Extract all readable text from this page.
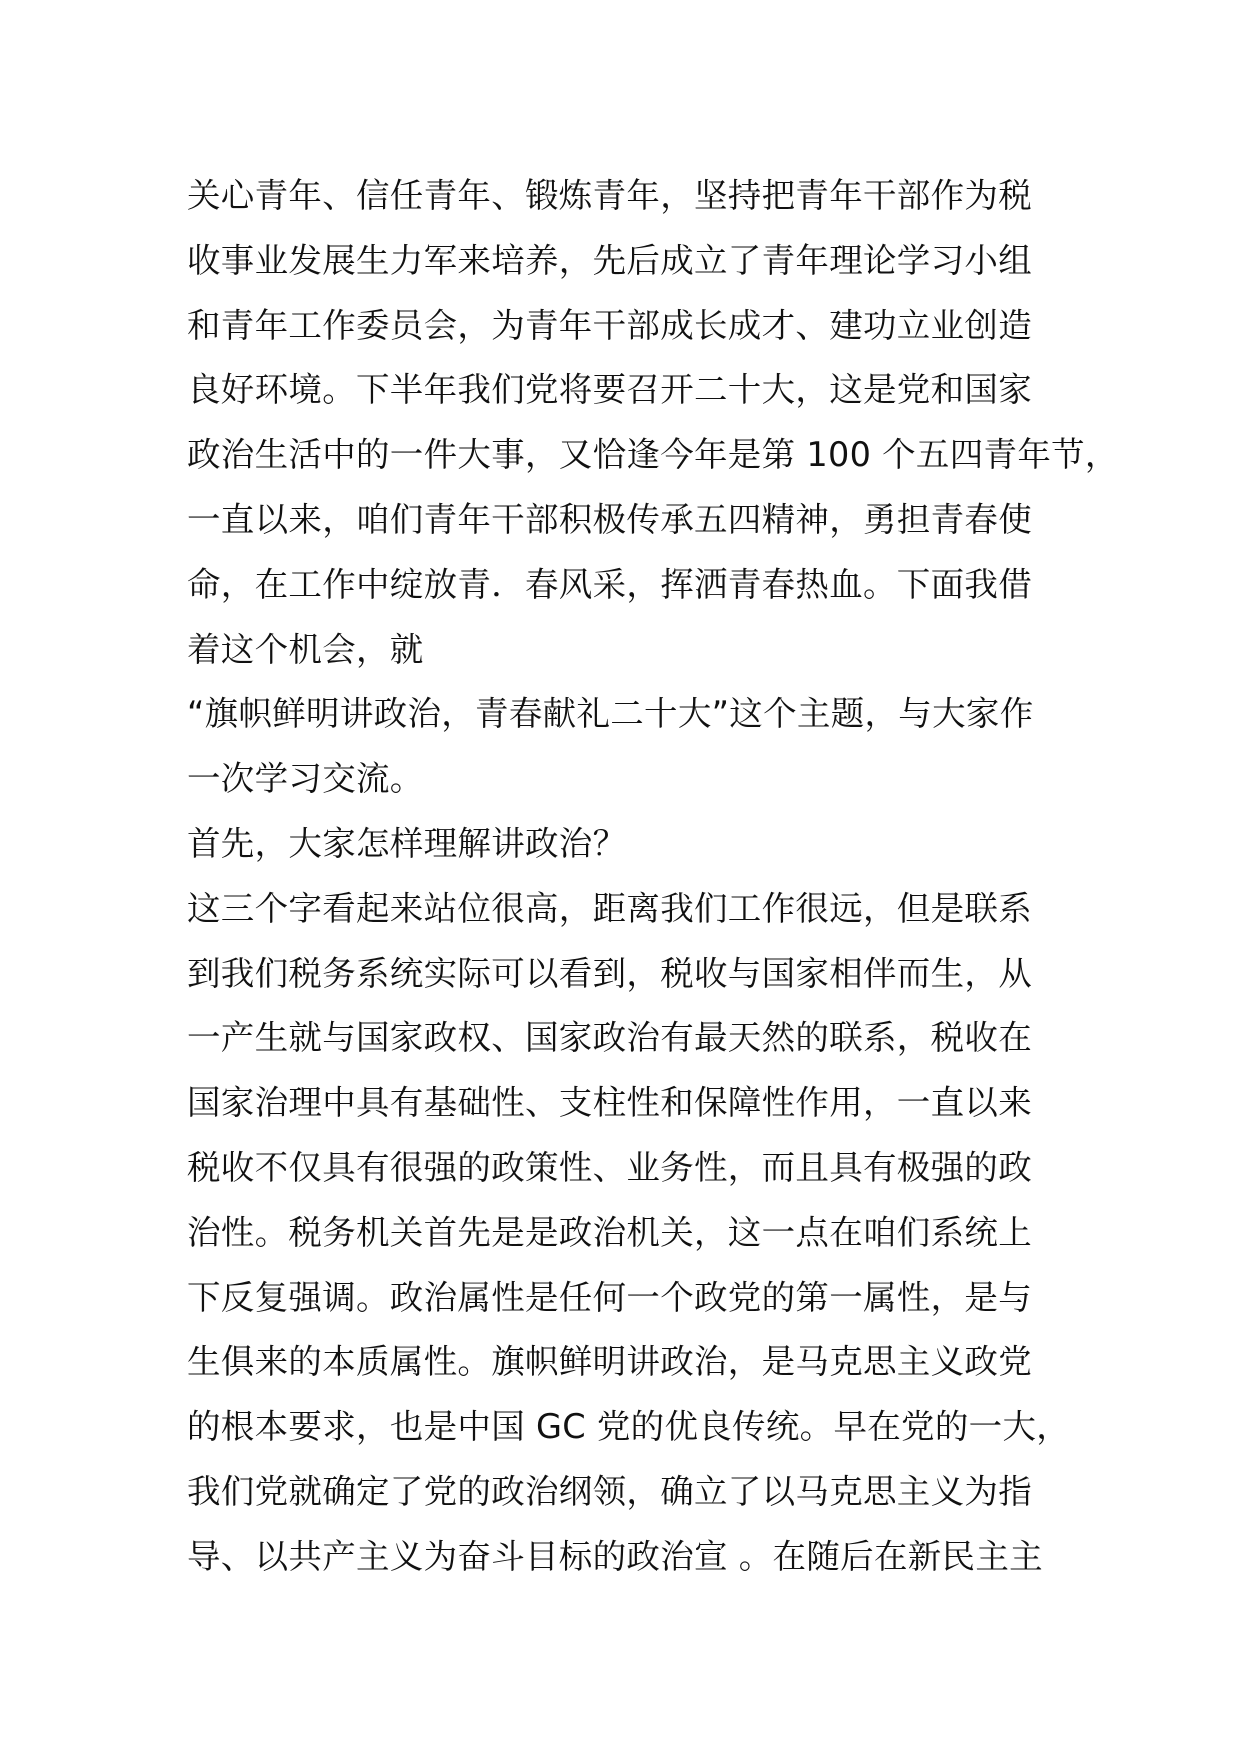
关心青年、信任青年、锻炼青年，坚持把青年干部作为税
收事业发展生力军来培养，先后成立了青年理论学习小组
和青年工作委员会，为青年干部成长成才、建功立业创造
良好环境。下半年我们党将要召开二十大，这是党和国家
政治生活中的一件大事，又恰逢今年是第 100 个五四青年节，
一直以来，咱们青年干部积极传承五四精神，勇担青春使
命，在工作中绽放青．春风采，挥洒青春热血。下面我借
着这个机会，就
“旗帜鲜明讲政治，青春献礼二十大”这个主题，与大家作
一次学习交流。
首先，大家怎样理解讲政治？
这三个字看起来站位很高，距离我们工作很远，但是联系
到我们税务系统实际可以看到，税收与国家相伴而生，从
一产生就与国家政权、国家政治有最天然的联系，税收在
国家治理中具有基础性、支柱性和保障性作用，一直以来
税收不仅具有很强的政策性、业务性，而且具有极强的政
治性。税务机关首先是是政治机关，这一点在咱们系统上
下反复强调。政治属性是任何一个政党的第一属性，是与
生俱来的本质属性。旗帜鲜明讲政治，是马克思主义政党
的根本要求，也是中国 GC 党的优良传统。早在党的一大，
我们党就确定了党的政治纲领，确立了以马克思主义为指
导、以共产主义为奋斗目标的政治宣 。在随后在新民主主
